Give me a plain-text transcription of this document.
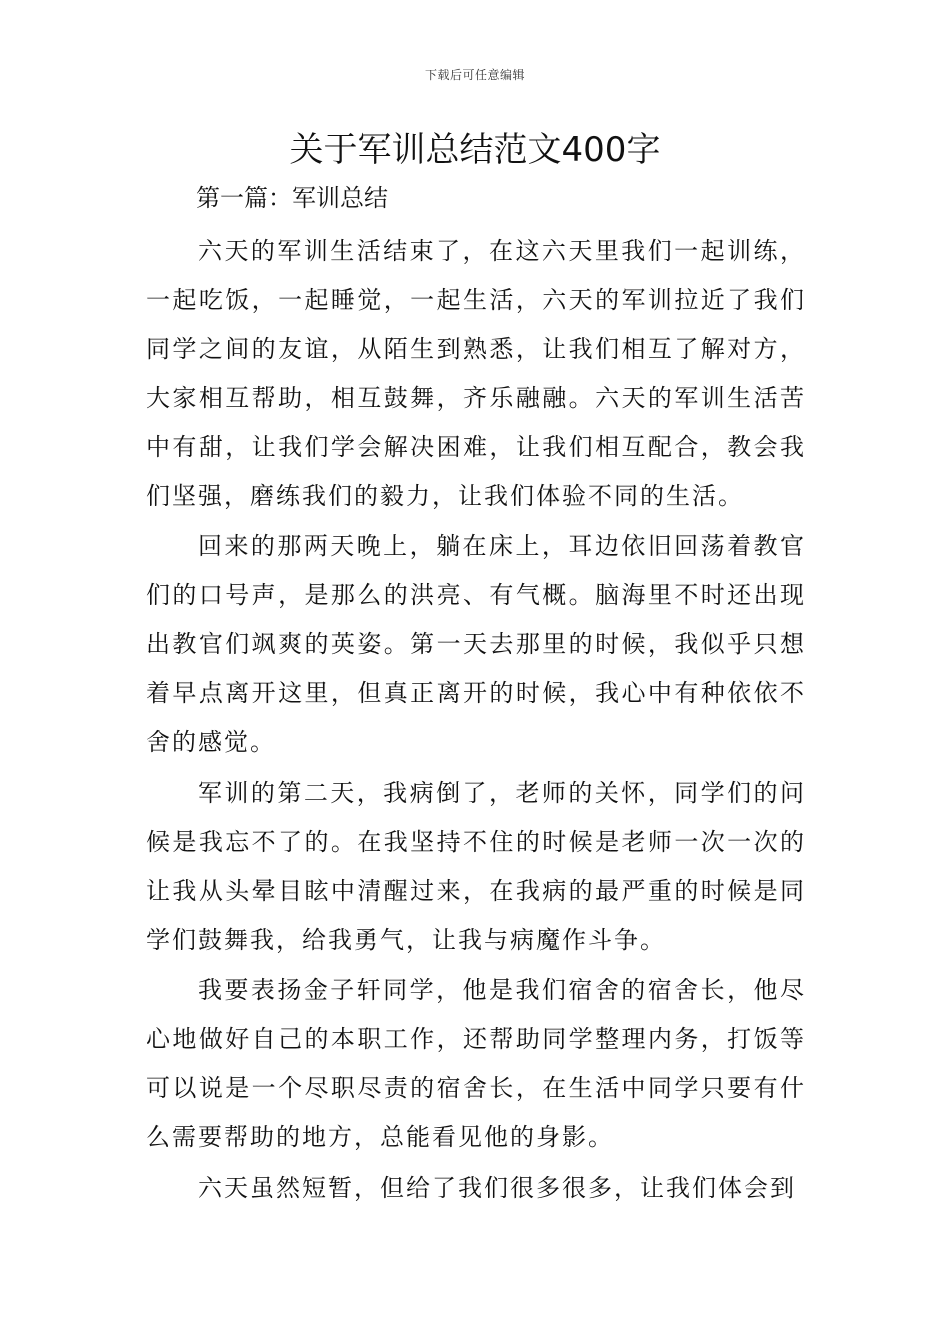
下载后可任意编辑
关于军训总结范文400字
第一篇：军训总结

六天的军训生活结束了，在这六天里我们一起训练，一起吃饭，一起睡觉，一起生活，六天的军训拉近了我们同学之间的友谊，从陌生到熟悉，让我们相互了解对方，大家相互帮助，相互鼓舞，齐乐融融。六天的军训生活苦中有甜，让我们学会解决困难，让我们相互配合，教会我们坚强，磨练我们的毅力，让我们体验不同的生活。

回来的那两天晚上，躺在床上，耳边依旧回荡着教官们的口号声，是那么的洪亮、有气概。脑海里不时还出现出教官们飒爽的英姿。第一天去那里的时候，我似乎只想着早点离开这里，但真正离开的时候，我心中有种依依不舍的感觉。

军训的第二天，我病倒了，老师的关怀，同学们的问候是我忘不了的。在我坚持不住的时候是老师一次一次的让我从头晕目眩中清醒过来，在我病的最严重的时候是同学们鼓舞我，给我勇气，让我与病魔作斗争。

我要表扬金子轩同学，他是我们宿舍的宿舍长，他尽心地做好自己的本职工作，还帮助同学整理内务，打饭等可以说是一个尽职尽责的宿舍长，在生活中同学只要有什么需要帮助的地方，总能看见他的身影。

六天虽然短暂，但给了我们很多很多，让我们体会到
